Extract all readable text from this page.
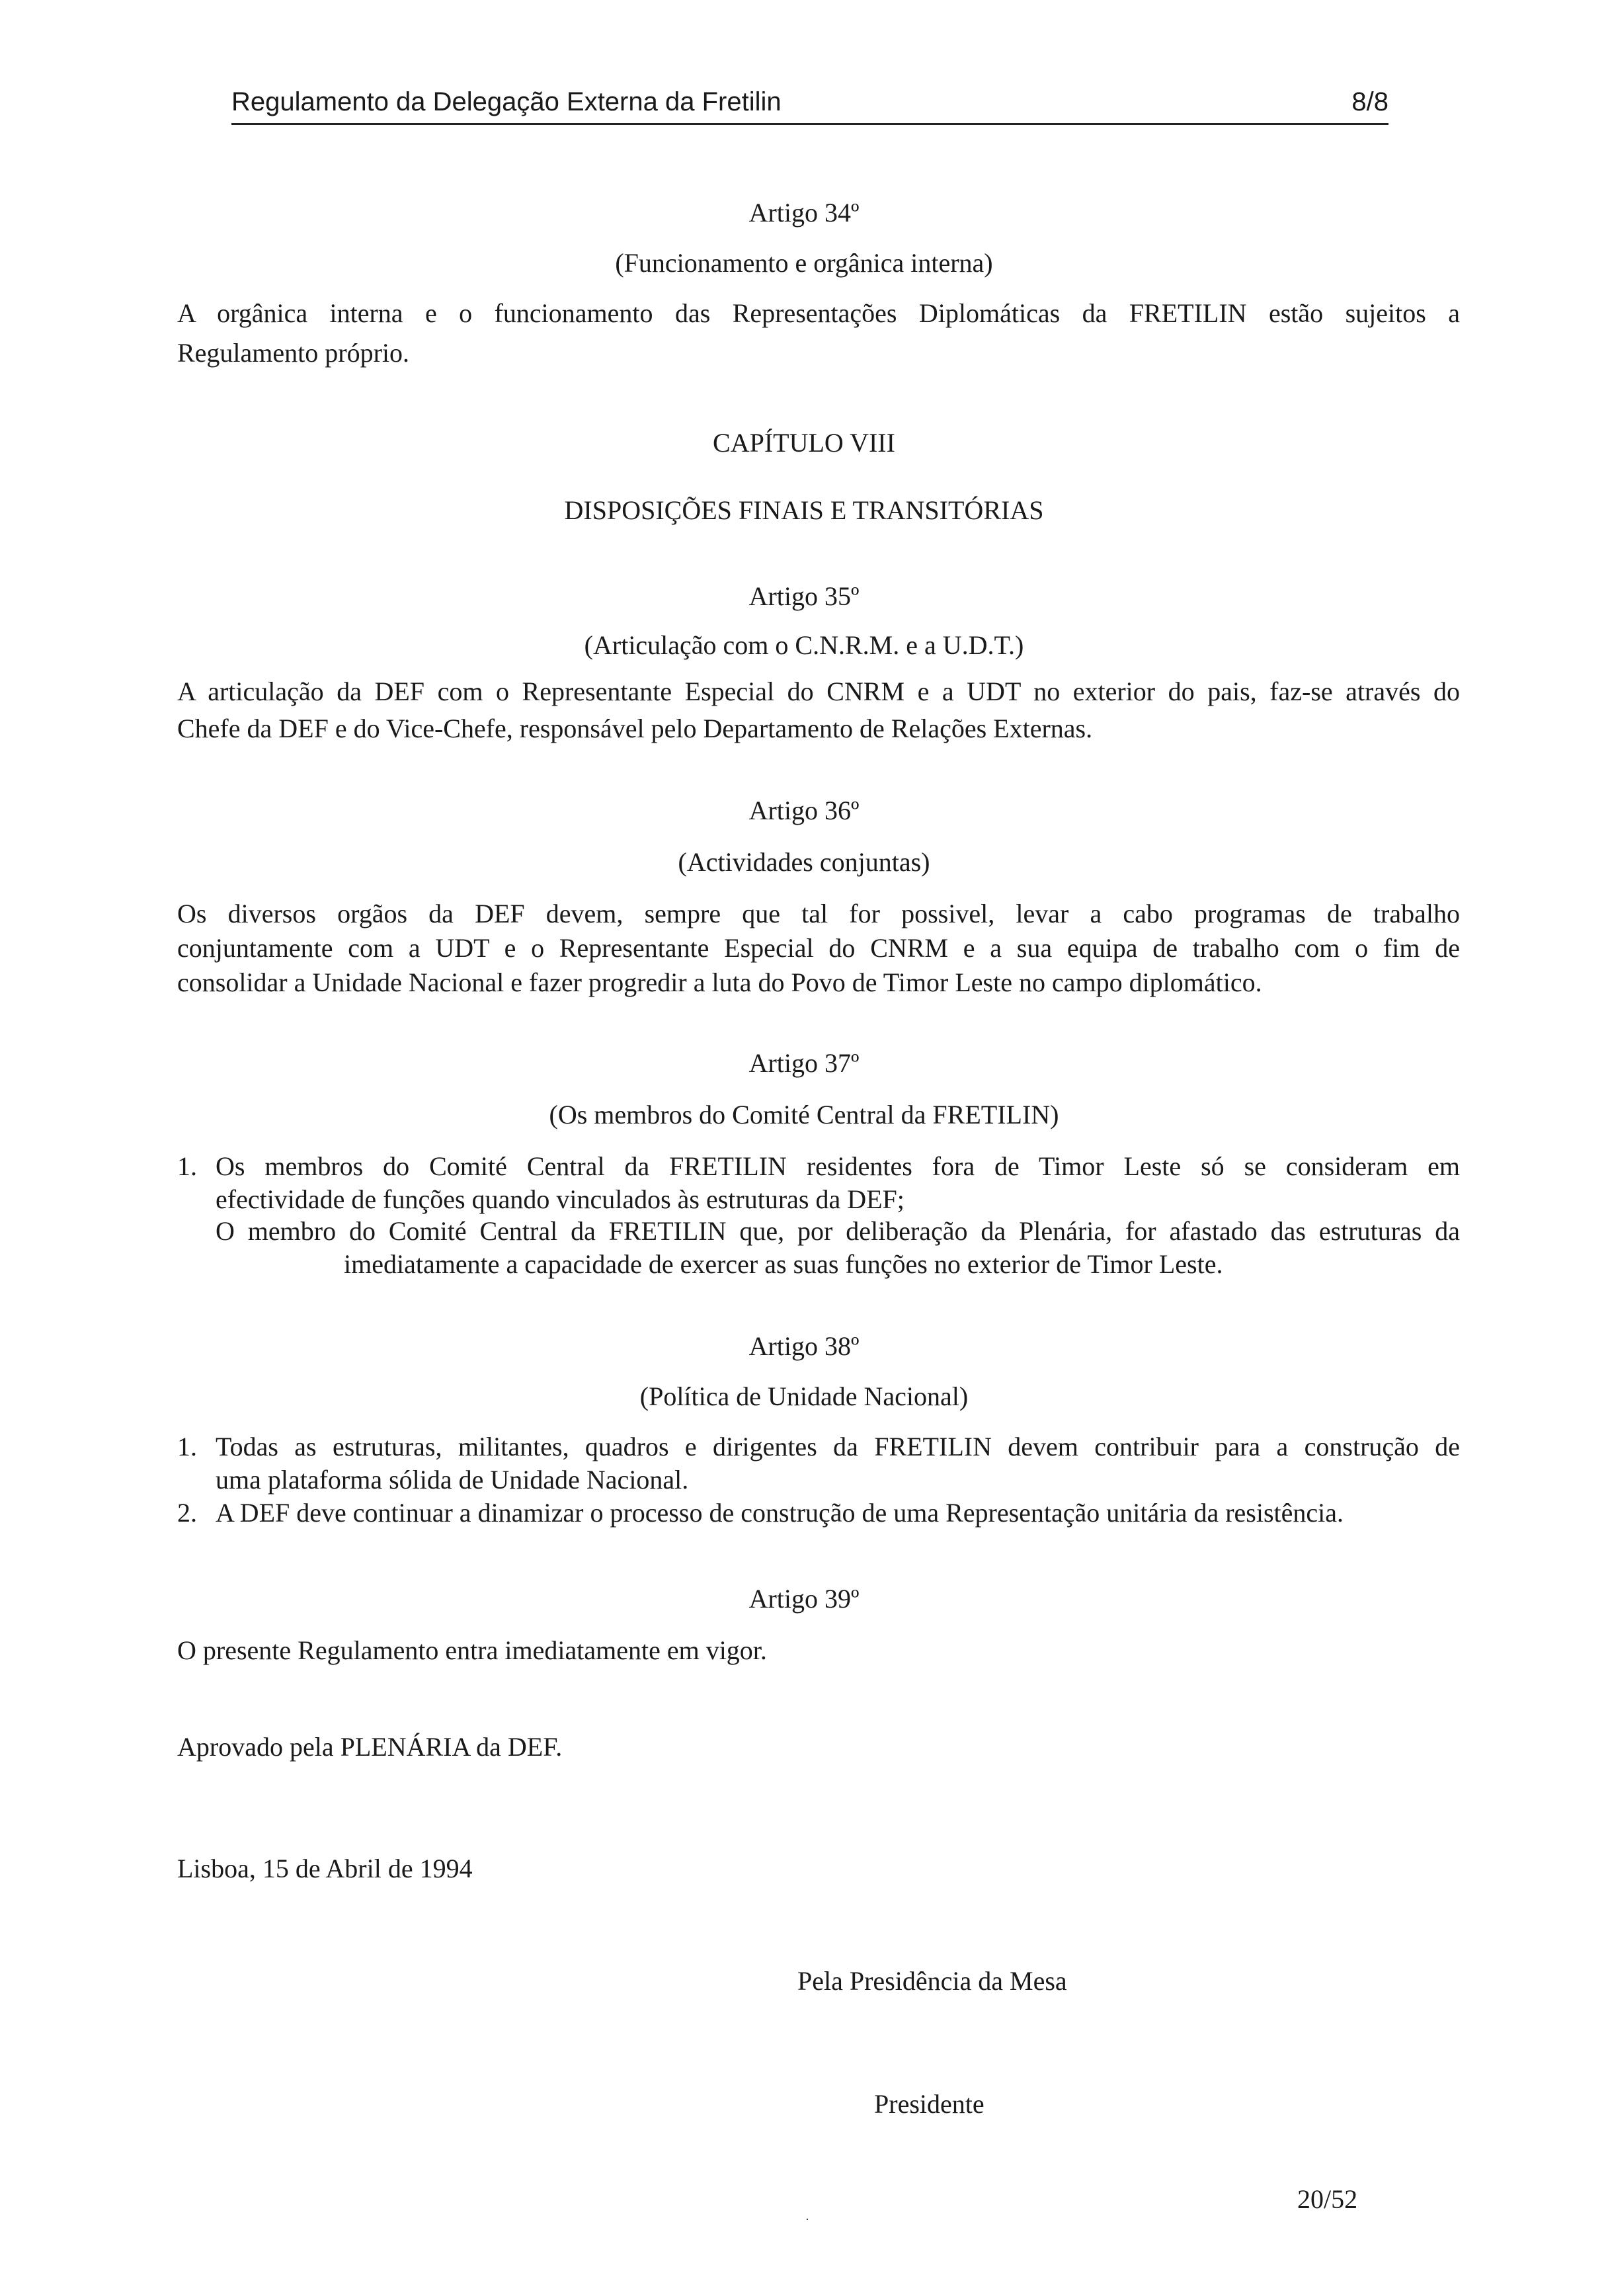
Regulamento da Delegação Externa da Fretilin	8/8
Artigo 34º
(Funcionamento e orgânica interna)
A orgânica interna e o funcionamento das Representações Diplomáticas da FRETILIN estão sujeitos a
Regulamento próprio.
CAPÍTULO VIII
DISPOSIÇÕES FINAIS E TRANSITÓRIAS
Artigo 35º
(Articulação com o C.N.R.M. e a U.D.T.)
A articulação da DEF com o Representante Especial do CNRM e a UDT no exterior do pais, faz-se através do
Chefe da DEF e do Vice-Chefe, responsável pelo Departamento de Relações Externas.
Artigo 36º
(Actividades conjuntas)
Os diversos orgãos da DEF devem, sempre que tal for possivel, levar a cabo programas de trabalho
conjuntamente com a UDT e o Representante Especial do CNRM e a sua equipa de trabalho com o fim de
consolidar a Unidade Nacional e fazer progredir a luta do Povo de Timor Leste no campo diplomático.
Artigo 37º
(Os membros do Comité Central da FRETILIN)
1. Os membros do Comité Central da FRETILIN residentes fora de Timor Leste só se consideram em
efectividade de funções quando vinculados às estruturas da DEF;
O membro do Comité Central da FRETILIN que, por deliberação da Plenária, for afastado das estruturas da
imediatamente a capacidade de exercer as suas funções no exterior de Timor Leste.
Artigo 38º
(Política de Unidade Nacional)
1. Todas as estruturas, militantes, quadros e dirigentes da FRETILIN devem contribuir para a construção de
uma plataforma sólida de Unidade Nacional.
2. A DEF deve continuar a dinamizar o processo de construção de uma Representação unitária da resistência.
Artigo 39º
O presente Regulamento entra imediatamente em vigor.
Aprovado pela PLENÁRIA da DEF.
Lisboa, 15 de Abril de 1994
Pela Presidência da Mesa
Presidente
·
20/52
